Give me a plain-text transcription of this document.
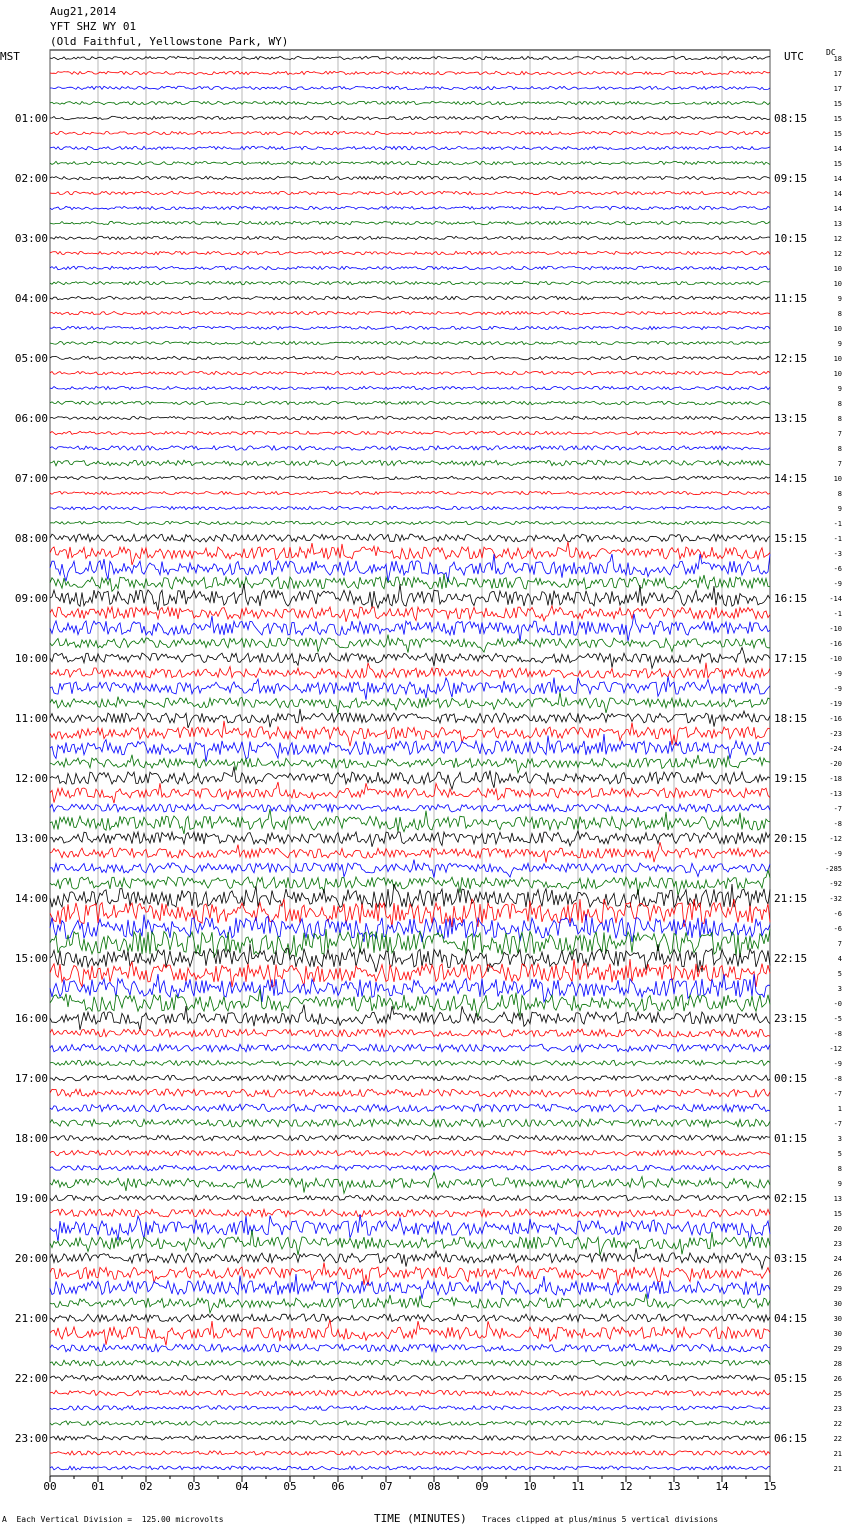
Aug21,2014
YFT SHZ WY 01
(Old Faithful, Yellowstone Park, WY)
MST	UTC	DC
00	01	02	03	04	05	06	07	08	09	10	11	12	13	14	15
18
17
17
15
15
15
14
15
14
14
14
13
12
12
10
10
9
8
10
9
10
10
9
8
8
7
8
7
10
8
9
-1
-1
-3
-6
-9
-14
-1
-10
-16
-10
-9
-9
-19
-16
-23
-24
-20
-18
-13
-7
-8
-12
-9
-285
-92
-32
-6
-6
7
4
5
3
-0
-5
-8
-12
-9
-8
-7
1
-7
3
5
8
9
13
15
20
23
24
26
29
30
30
30
29
28
26
25
23
22
22
21
21
01:00
02:00
03:00
04:00
05:00
06:00
07:00
08:00
09:00
10:00
11:00
12:00
13:00
14:00
15:00
16:00
17:00
18:00
19:00
20:00
21:00
22:00
23:00
08:15
09:15
10:15
11:15
12:15
13:15
14:15
15:15
16:15
17:15
18:15
19:15
20:15
21:15
22:15
23:15
00:15
01:15
02:15
03:15
04:15
05:15
06:15
A Each Vertical Division =  125.00 microvolts	TIME (MINUTES) Traces clipped at plus/minus 5 vertical divisions
